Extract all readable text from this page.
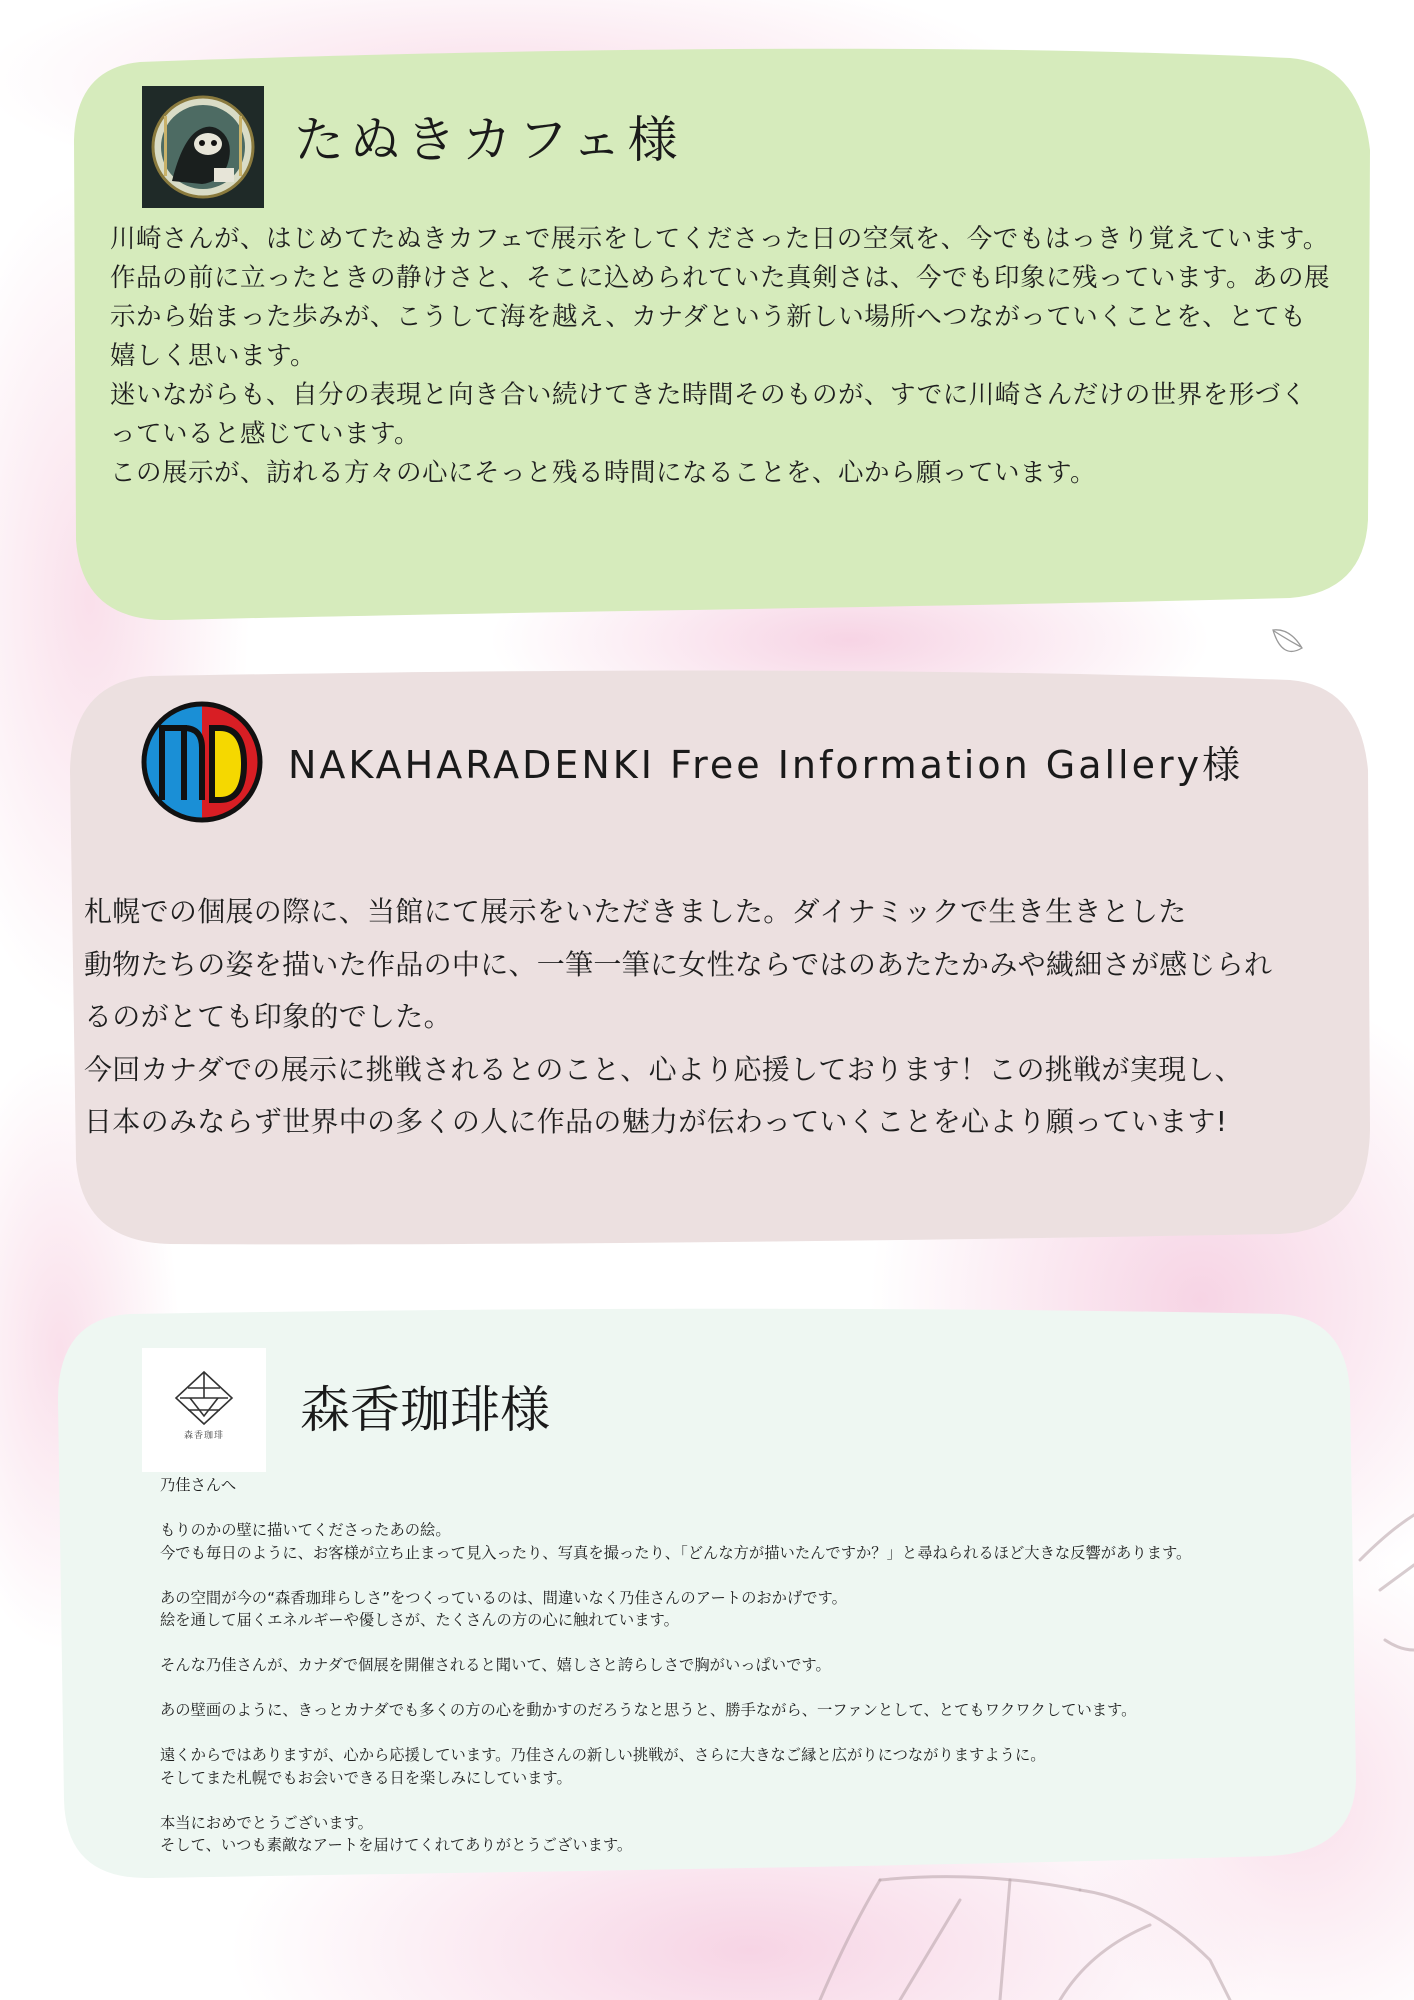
たぬきカフェ様

川崎さんが、はじめてたぬきカフェで展示をしてくださった日の空気を、今でもはっきり覚えています。

作品の前に立ったときの静けさと、そこに込められていた真剣さは、今でも印象に残っています。あの展示から始まった歩みが、こうして海を越え、カナダという新しい場所へつながっていくことを、とても嬉しく思います。

迷いながらも、自分の表現と向き合い続けてきた時間そのものが、すでに川崎さんだけの世界を形づくっていると感じています。

この展示が、訪れる方々の心にそっと残る時間になることを、心から願っています。

NAKAHARADENKI Free Information Gallery様

札幌での個展の際に、当館にて展示をいただきました。ダイナミックで生き生きとした

動物たちの姿を描いた作品の中に、一筆一筆に女性ならではのあたたかみや繊細さが感じられ

るのがとても印象的でした。

今回カナダでの展示に挑戦されるとのこと、心より応援しております！この挑戦が実現し、

日本のみならず世界中の多くの人に作品の魅力が伝わっていくことを心より願っています!

森香珈琲	森香珈琲様
乃佳さんへ
もりのかの壁に描いてくださったあの絵。
今でも毎日のように、お客様が立ち止まって見入ったり、写真を撮ったり、「どんな方が描いたんですか？」と尋ねられるほど大きな反響があります。
あの空間が今の“森香珈琲らしさ”をつくっているのは、間違いなく乃佳さんのアートのおかげです。
絵を通して届くエネルギーや優しさが、たくさんの方の心に触れています。
そんな乃佳さんが、カナダで個展を開催されると聞いて、嬉しさと誇らしさで胸がいっぱいです。
あの壁画のように、きっとカナダでも多くの方の心を動かすのだろうなと思うと、勝手ながら、一ファンとして、とてもワクワクしています。
遠くからではありますが、心から応援しています。乃佳さんの新しい挑戦が、さらに大きなご縁と広がりにつながりますように。
そしてまた札幌でもお会いできる日を楽しみにしています。
本当におめでとうございます。
そして、いつも素敵なアートを届けてくれてありがとうございます。
